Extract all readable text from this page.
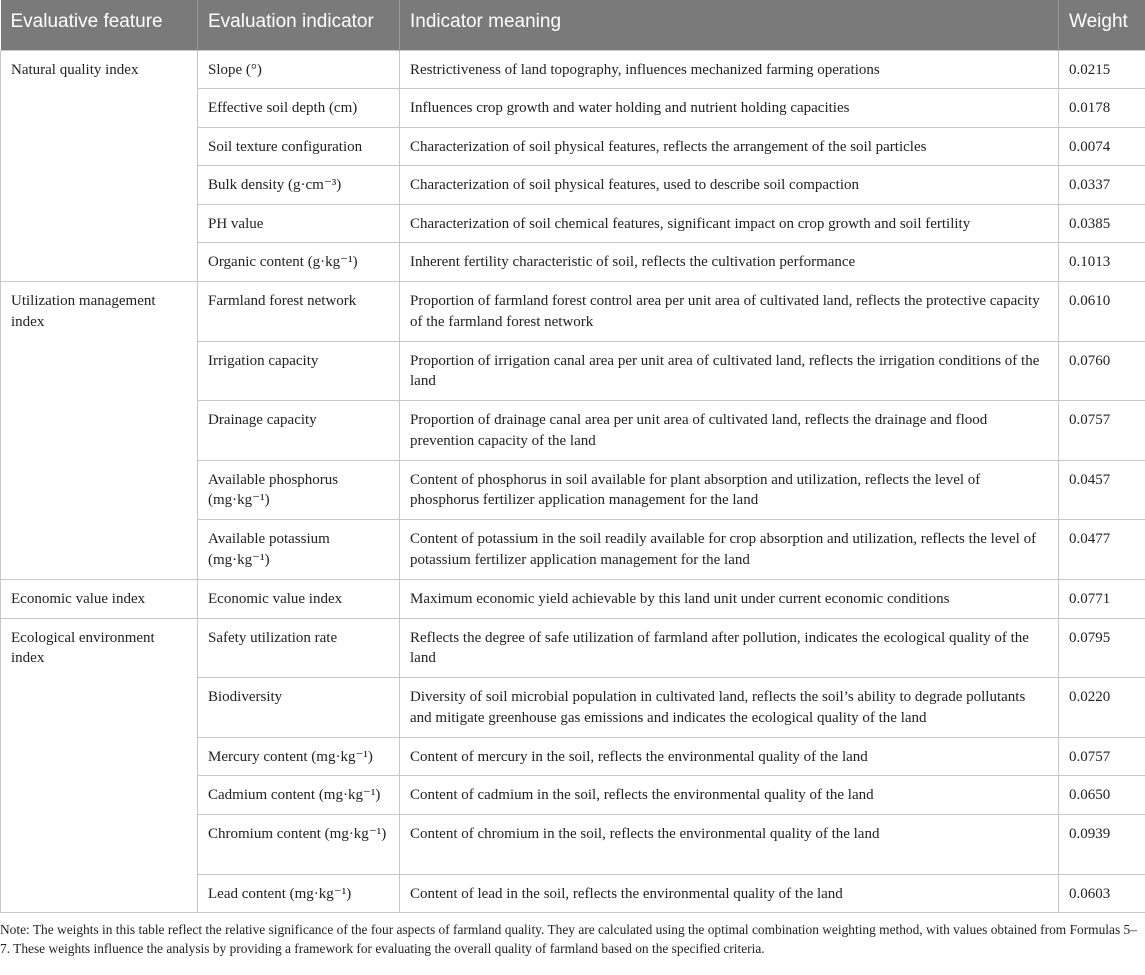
Evaluative feature	Evaluation indicator	Indicator meaning	Weight
Natural quality index	Slope (°)	Restrictiveness of land topography, influences mechanized farming operations	0.0215
	Effective soil depth (cm)	Influences crop growth and water holding and nutrient holding capacities	0.0178
	Soil texture configuration	Characterization of soil physical features, reflects the arrangement of the soil particles	0.0074
	Bulk density (g·cm⁻³)	Characterization of soil physical features, used to describe soil compaction	0.0337
	PH value	Characterization of soil chemical features, significant impact on crop growth and soil fertility	0.0385
	Organic content (g·kg⁻¹)	Inherent fertility characteristic of soil, reflects the cultivation performance	0.1013
Utilization management index	Farmland forest network	Proportion of farmland forest control area per unit area of cultivated land, reflects the protective capacity of the farmland forest network	0.0610
	Irrigation capacity	Proportion of irrigation canal area per unit area of cultivated land, reflects the irrigation conditions of the land	0.0760
	Drainage capacity	Proportion of drainage canal area per unit area of cultivated land, reflects the drainage and flood prevention capacity of the land	0.0757
	Available phosphorus (mg·kg⁻¹)	Content of phosphorus in soil available for plant absorption and utilization, reflects the level of phosphorus fertilizer application management for the land	0.0457
	Available potassium (mg·kg⁻¹)	Content of potassium in the soil readily available for crop absorption and utilization, reflects the level of potassium fertilizer application management for the land	0.0477
Economic value index	Economic value index	Maximum economic yield achievable by this land unit under current economic conditions	0.0771
Ecological environment index	Safety utilization rate	Reflects the degree of safe utilization of farmland after pollution, indicates the ecological quality of the land	0.0795
	Biodiversity	Diversity of soil microbial population in cultivated land, reflects the soil’s ability to degrade pollutants and mitigate greenhouse gas emissions and indicates the ecological quality of the land	0.0220
	Mercury content (mg·kg⁻¹)	Content of mercury in the soil, reflects the environmental quality of the land	0.0757
	Cadmium content (mg·kg⁻¹)	Content of cadmium in the soil, reflects the environmental quality of the land	0.0650
	Chromium content (mg·kg⁻¹)	Content of chromium in the soil, reflects the environmental quality of the land	0.0939
	Lead content (mg·kg⁻¹)	Content of lead in the soil, reflects the environmental quality of the land	0.0603

Note: The weights in this table reflect the relative significance of the four aspects of farmland quality. They are calculated using the optimal combination weighting method, with values obtained from Formulas 5–7. These weights influence the analysis by providing a framework for evaluating the overall quality of farmland based on the specified criteria.
